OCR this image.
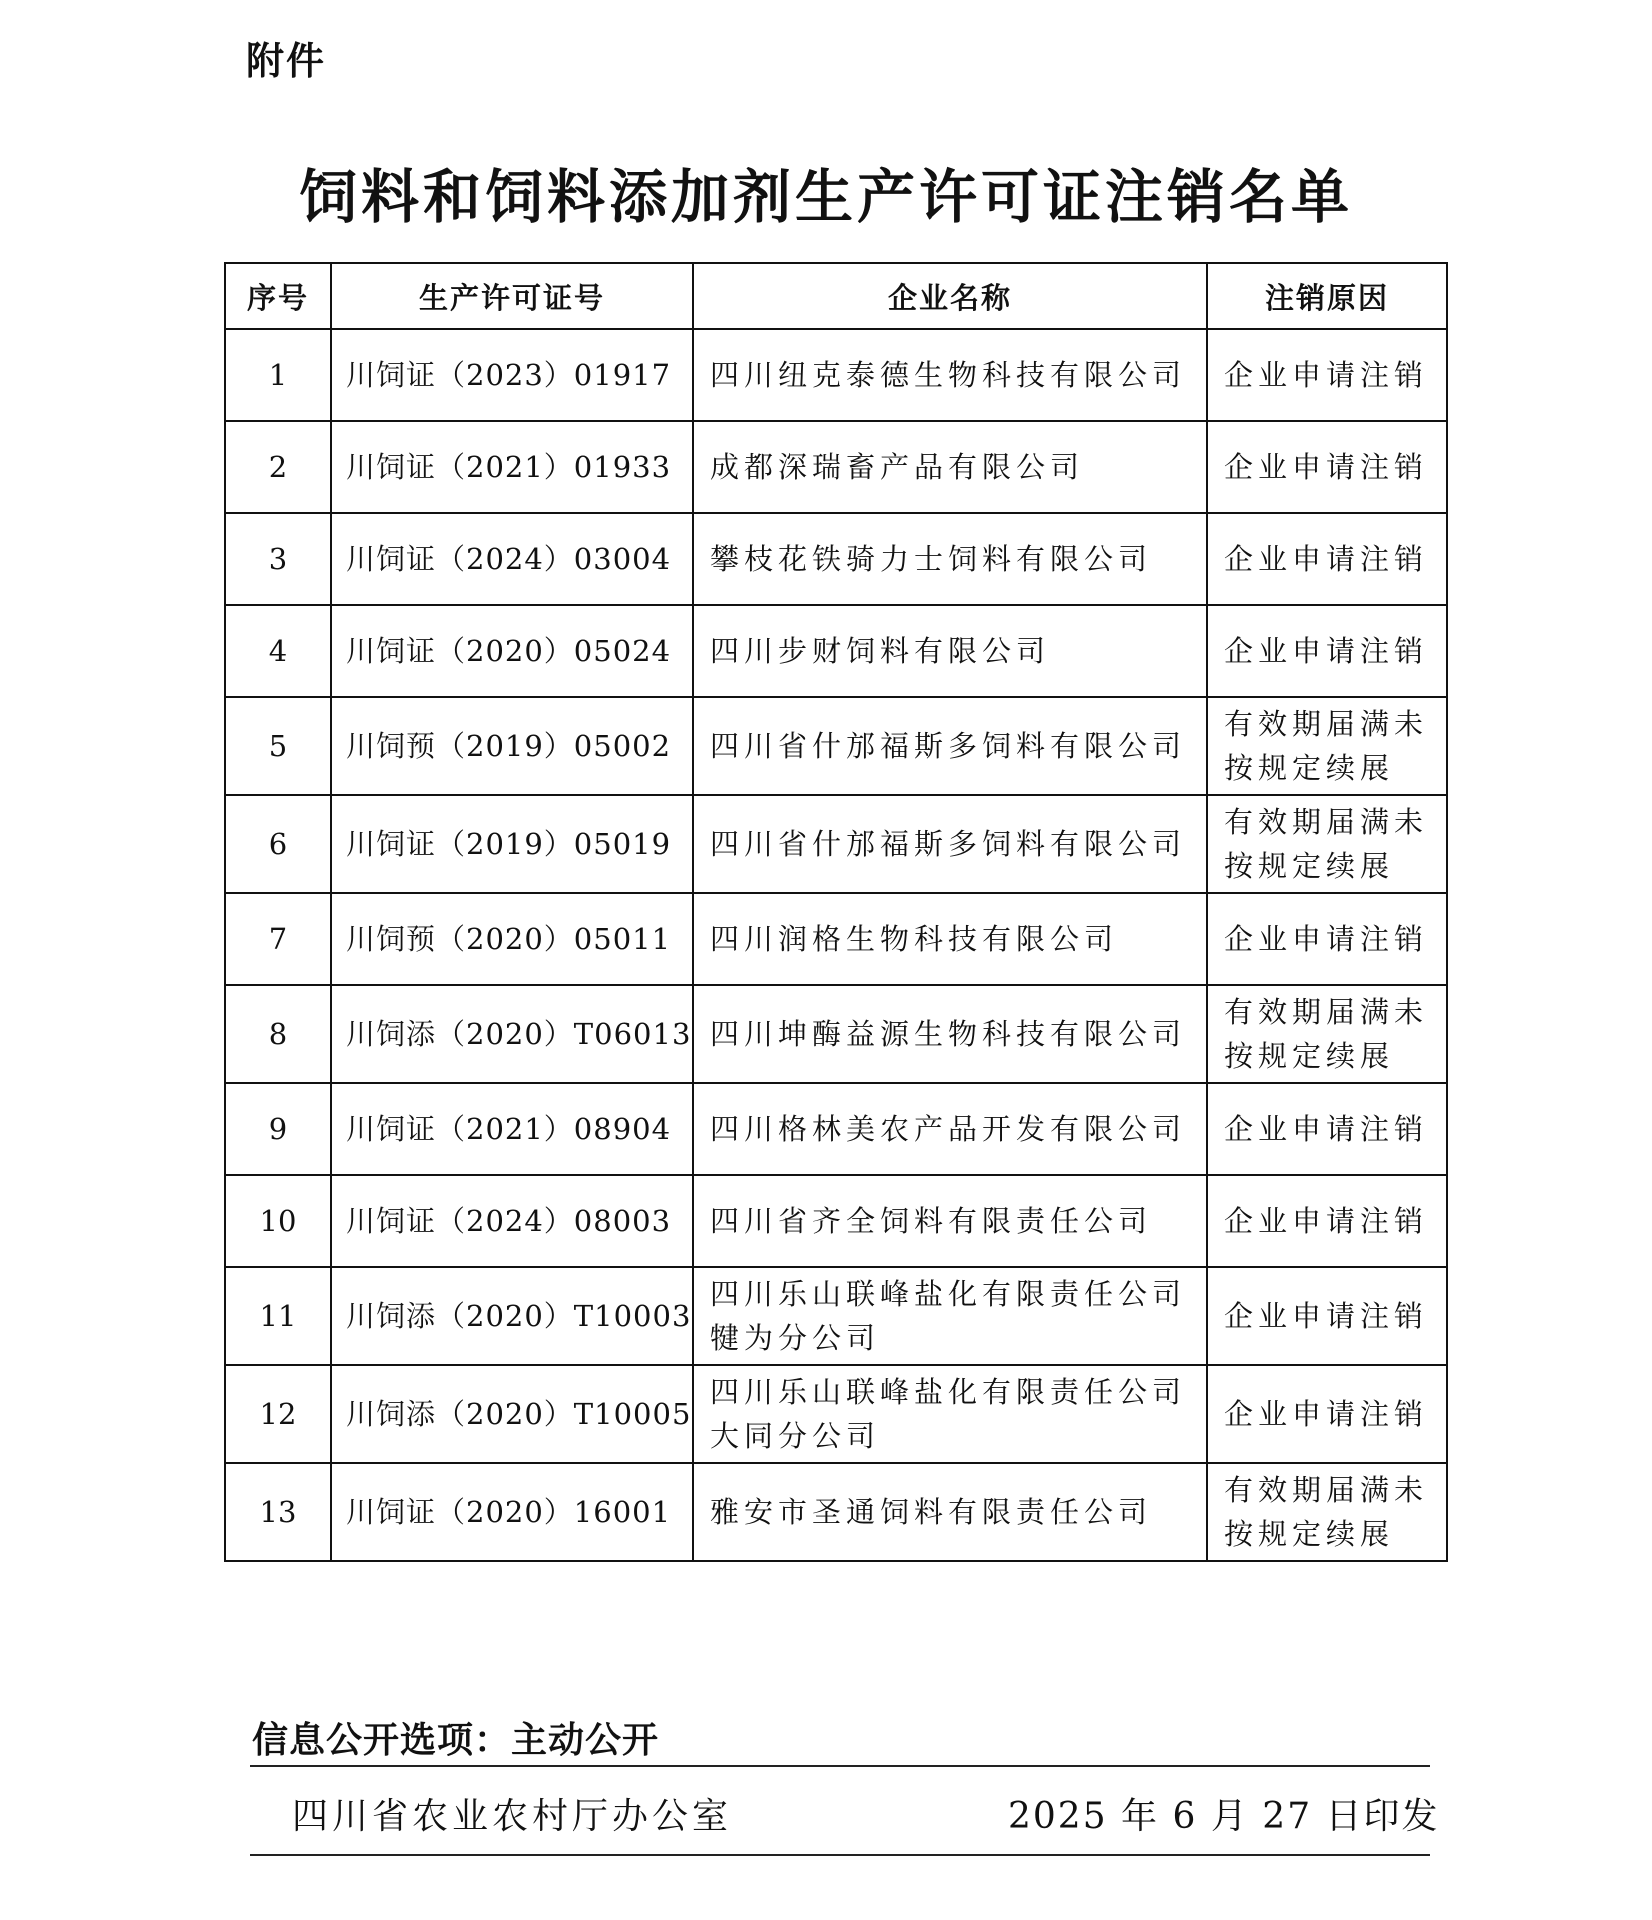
附件
饲料和饲料添加剂生产许可证注销名单
序号	生产许可证号	企业名称	注销原因
1	川饲证（2023）01917	四川纽克泰德生物科技有限公司	企业申请注销
2	川饲证（2021）01933	成都深瑞畜产品有限公司	企业申请注销
3	川饲证（2024）03004	攀枝花铁骑力士饲料有限公司	企业申请注销
4	川饲证（2020）05024	四川步财饲料有限公司	企业申请注销
5	川饲预（2019）05002	四川省什邡福斯多饲料有限公司	有效期届满未按规定续展
6	川饲证（2019）05019	四川省什邡福斯多饲料有限公司	有效期届满未按规定续展
7	川饲预（2020）05011	四川润格生物科技有限公司	企业申请注销
8	川饲添（2020）T06013	四川坤酶益源生物科技有限公司	有效期届满未按规定续展
9	川饲证（2021）08904	四川格林美农产品开发有限公司	企业申请注销
10	川饲证（2024）08003	四川省齐全饲料有限责任公司	企业申请注销
11	川饲添（2020）T10003	四川乐山联峰盐化有限责任公司犍为分公司	企业申请注销
12	川饲添（2020）T10005	四川乐山联峰盐化有限责任公司大同分公司	企业申请注销
13	川饲证（2020）16001	雅安市圣通饲料有限责任公司	有效期届满未按规定续展
信息公开选项：主动公开
四川省农业农村厅办公室	2025 年 6 月 27 日印发
